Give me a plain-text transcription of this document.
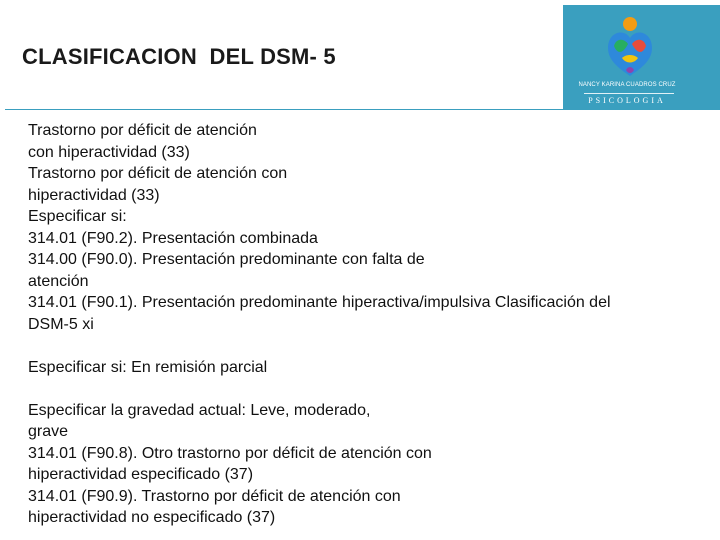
CLASIFICACION  DEL DSM- 5
NANCY KARINA CUADROS CRUZ
PSICOLOGIA
Trastorno por déficit de atención
con hiperactividad (33)
Trastorno por déficit de atención con
hiperactividad (33)
Especificar si:
314.01 (F90.2). Presentación combinada
314.00 (F90.0). Presentación predominante con falta de
atención
314.01 (F90.1). Presentación predominante hiperactiva/impulsiva Clasificación del
DSM-5 xi
Especificar si: En remisión parcial
Especificar la gravedad actual: Leve, moderado,
grave
314.01 (F90.8). Otro trastorno por déficit de atención con
hiperactividad especificado (37)
314.01 (F90.9). Trastorno por déficit de atención con
hiperactividad no especificado (37)
